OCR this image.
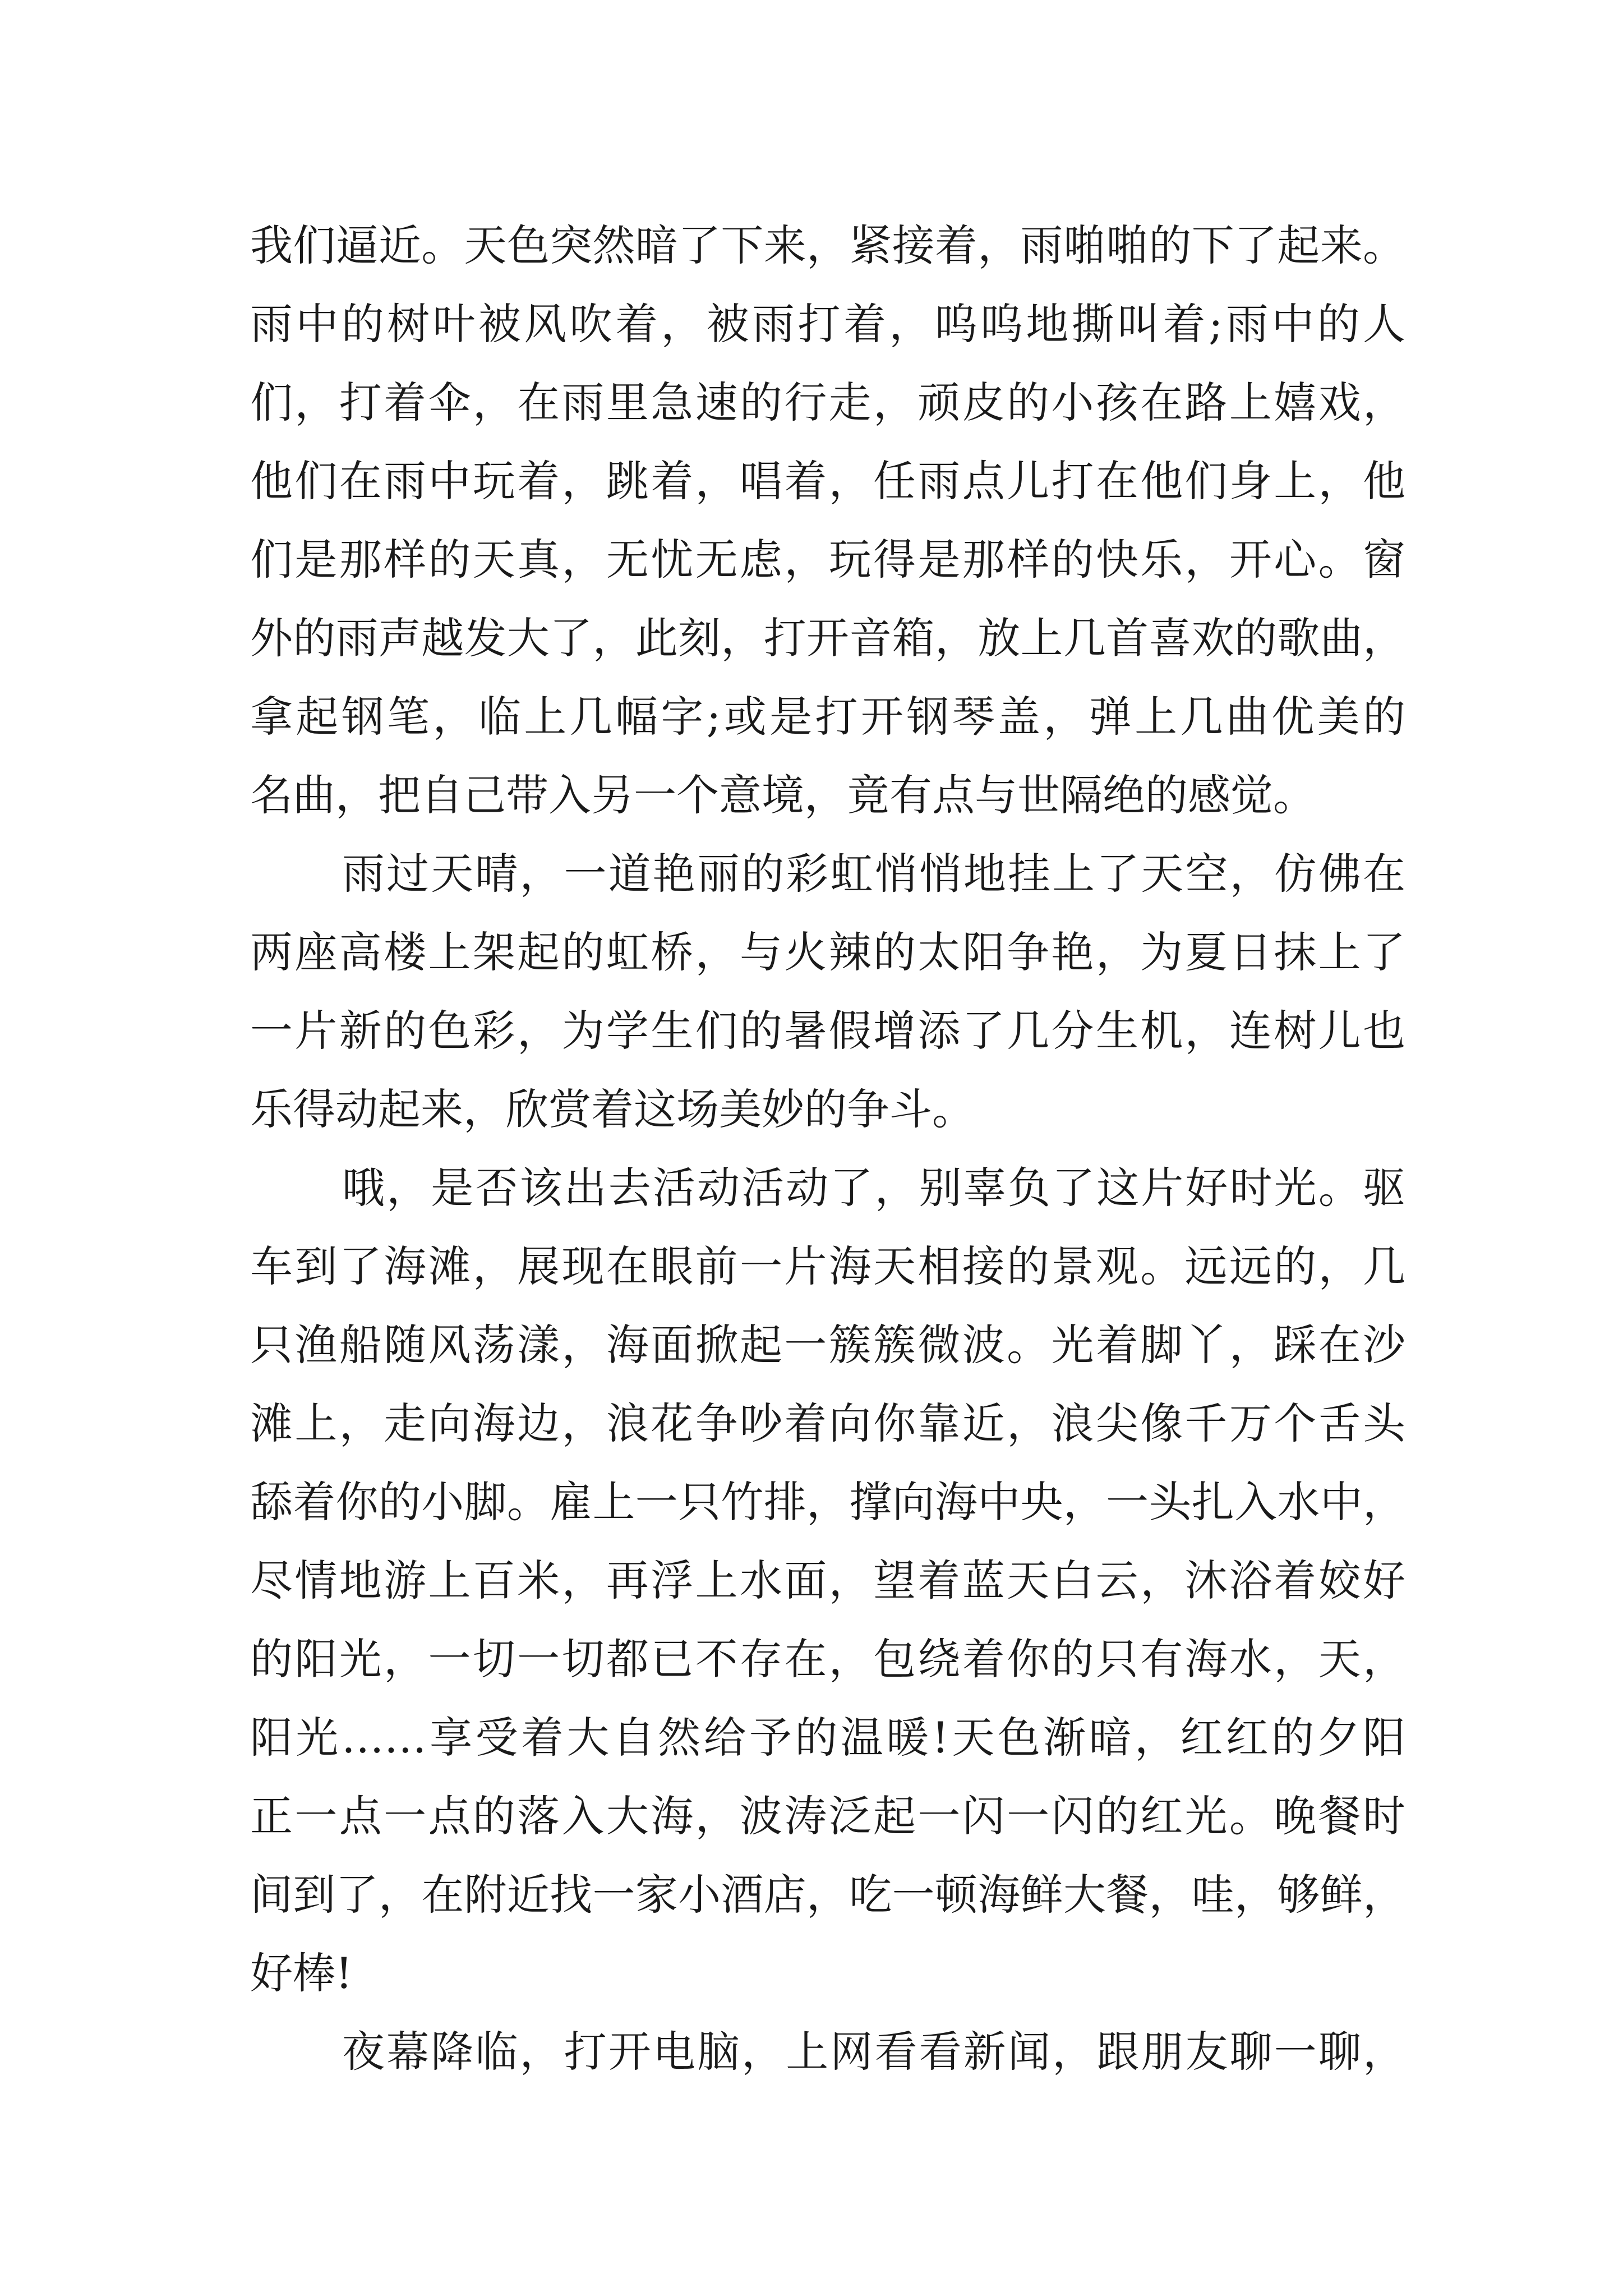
我们逼近。天色突然暗了下来，紧接着，雨啪啪的下了起来。
雨中的树叶被风吹着，被雨打着，呜呜地撕叫着;雨中的人
们，打着伞，在雨里急速的行走，顽皮的小孩在路上嬉戏，
他们在雨中玩着，跳着，唱着，任雨点儿打在他们身上，他
们是那样的天真，无忧无虑，玩得是那样的快乐，开心。窗
外的雨声越发大了，此刻，打开音箱，放上几首喜欢的歌曲，
拿起钢笔，临上几幅字;或是打开钢琴盖，弹上几曲优美的
名曲，把自己带入另一个意境，竟有点与世隔绝的感觉。
雨过天晴，一道艳丽的彩虹悄悄地挂上了天空，仿佛在
两座高楼上架起的虹桥，与火辣的太阳争艳，为夏日抹上了
一片新的色彩，为学生们的暑假增添了几分生机，连树儿也
乐得动起来，欣赏着这场美妙的争斗。
哦，是否该出去活动活动了，别辜负了这片好时光。驱
车到了海滩，展现在眼前一片海天相接的景观。远远的，几
只渔船随风荡漾，海面掀起一簇簇微波。光着脚丫，踩在沙
滩上，走向海边，浪花争吵着向你靠近，浪尖像千万个舌头
舔着你的小脚。雇上一只竹排，撑向海中央，一头扎入水中，
尽情地游上百米，再浮上水面，望着蓝天白云，沐浴着姣好
的阳光，一切一切都已不存在，包绕着你的只有海水，天，
阳光……享受着大自然给予的温暖!天色渐暗，红红的夕阳
正一点一点的落入大海，波涛泛起一闪一闪的红光。晚餐时
间到了，在附近找一家小酒店，吃一顿海鲜大餐，哇，够鲜，
好棒!
夜幕降临，打开电脑，上网看看新闻，跟朋友聊一聊，
